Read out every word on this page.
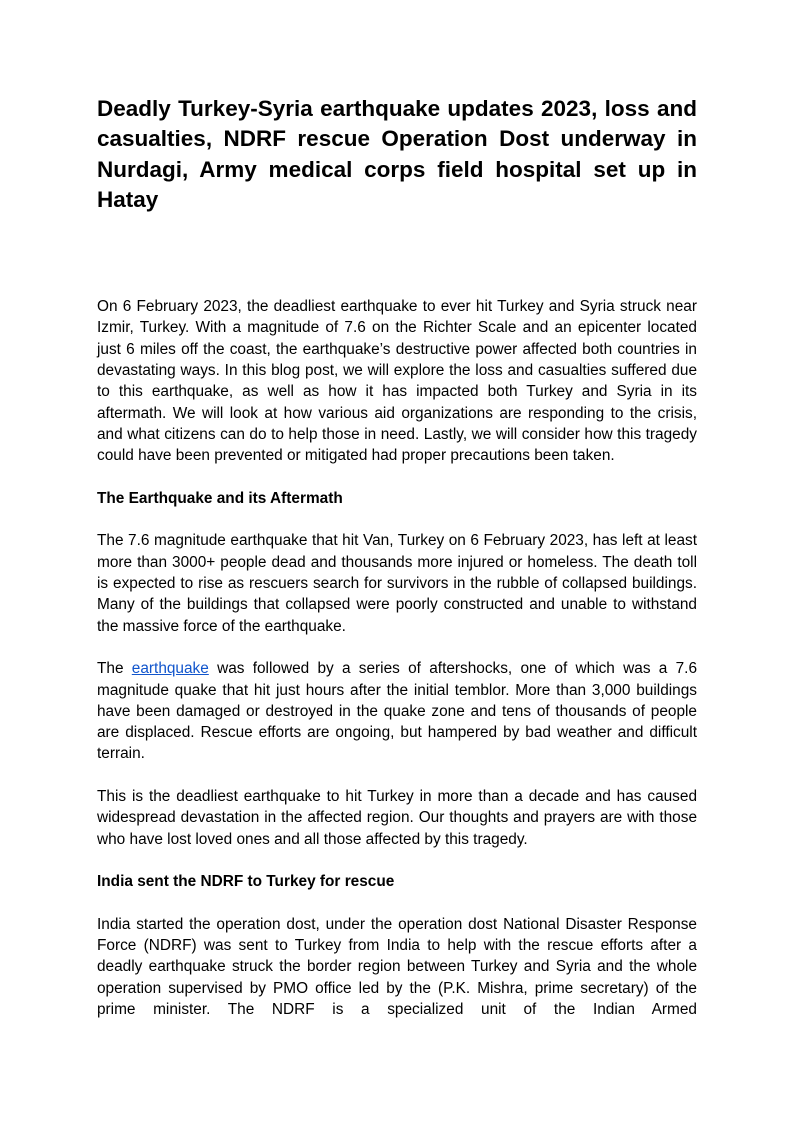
Deadly Turkey-Syria earthquake updates 2023, loss and casualties, NDRF rescue Operation Dost underway in Nurdagi, Army medical corps field hospital set up in Hatay

On 6 February 2023, the deadliest earthquake to ever hit Turkey and Syria struck near Izmir, Turkey. With a magnitude of 7.6 on the Richter Scale and an epicenter located just 6 miles off the coast, the earthquake’s destructive power affected both countries in devastating ways. In this blog post, we will explore the loss and casualties suffered due to this earthquake, as well as how it has impacted both Turkey and Syria in its aftermath. We will look at how various aid organizations are responding to the crisis, and what citizens can do to help those in need. Lastly, we will consider how this tragedy could have been prevented or mitigated had proper precautions been taken.

The Earthquake and its Aftermath

The 7.6 magnitude earthquake that hit Van, Turkey on 6 February 2023, has left at least more than 3000+ people dead and thousands more injured or homeless. The death toll is expected to rise as rescuers search for survivors in the rubble of collapsed buildings. Many of the buildings that collapsed were poorly constructed and unable to withstand the massive force of the earthquake.

The earthquake was followed by a series of aftershocks, one of which was a 7.6 magnitude quake that hit just hours after the initial temblor. More than 3,000 buildings have been damaged or destroyed in the quake zone and tens of thousands of people are displaced. Rescue efforts are ongoing, but hampered by bad weather and difficult terrain.

This is the deadliest earthquake to hit Turkey in more than a decade and has caused widespread devastation in the affected region. Our thoughts and prayers are with those who have lost loved ones and all those affected by this tragedy.

India sent the NDRF to Turkey for rescue

India started the operation dost, under the operation dost National Disaster Response Force (NDRF) was sent to Turkey from India to help with the rescue efforts after a deadly earthquake struck the border region between Turkey and Syria and the whole operation supervised by PMO office led by the (P.K. Mishra, prime secretary) of the prime minister. The NDRF is a specialized unit of the Indian Armed
